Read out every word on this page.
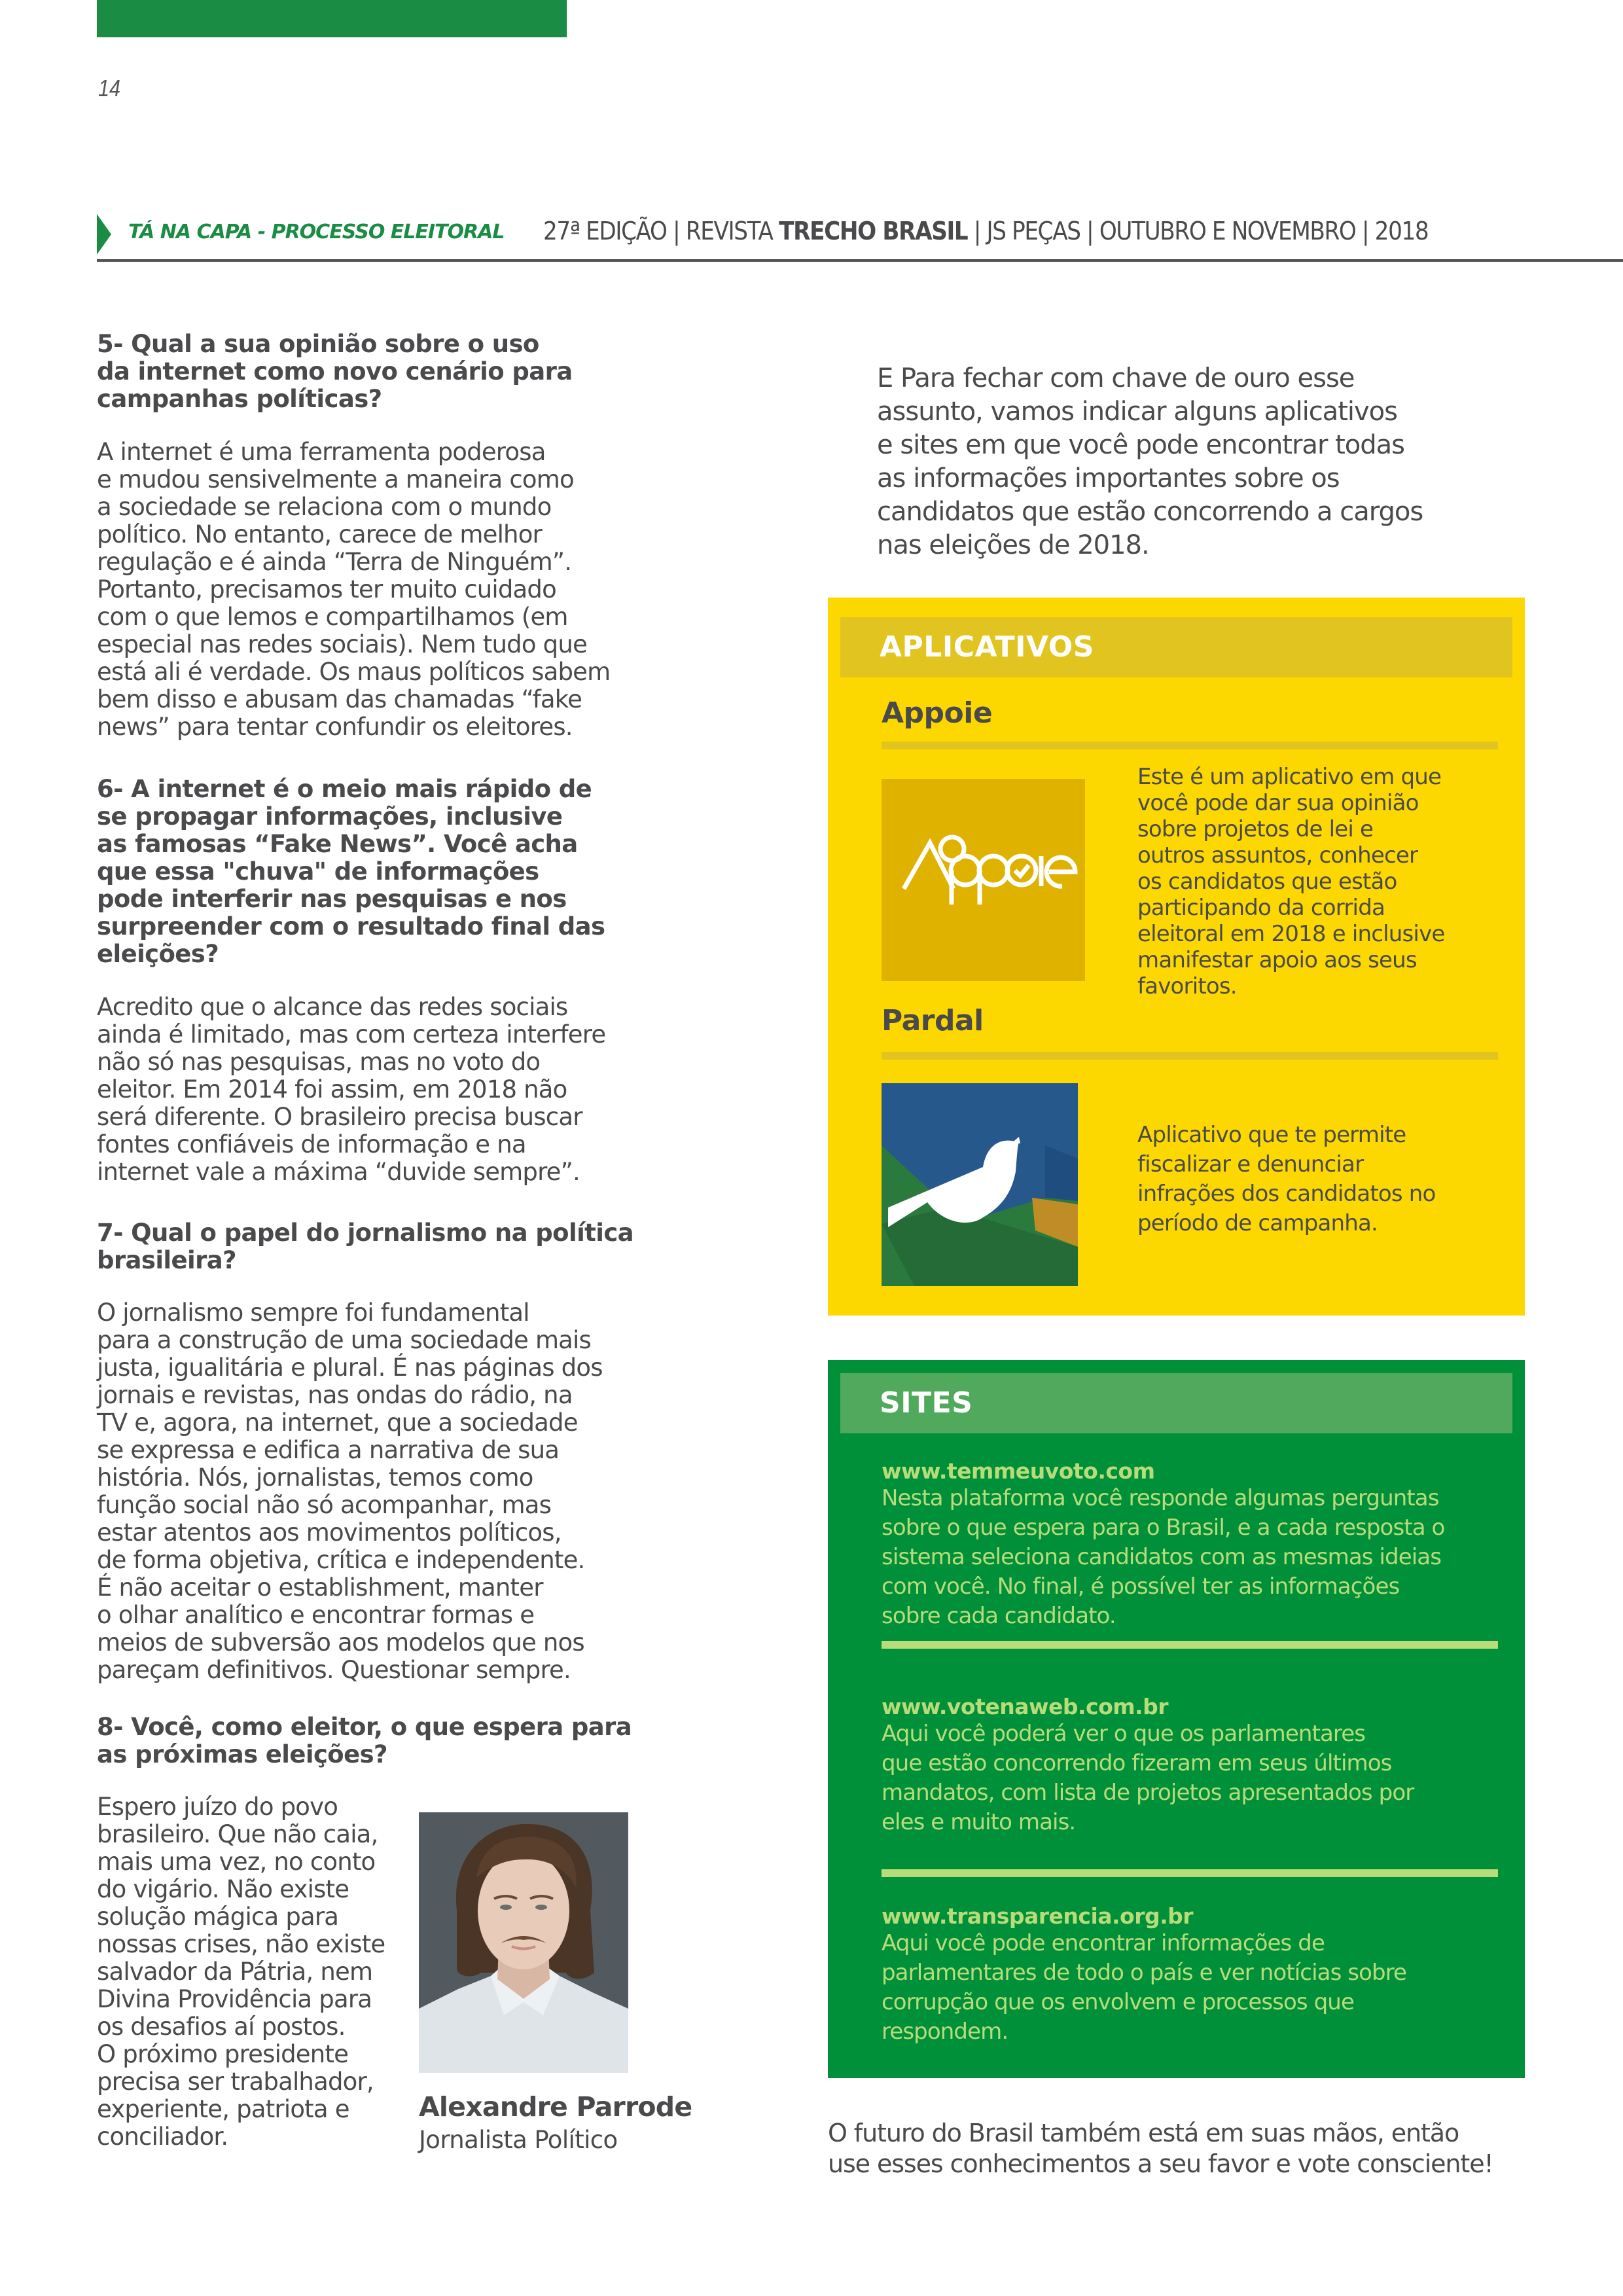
14
TÁ NA CAPA - PROCESSO ELEITORAL 27ª EDIÇÃO | REVISTA TRECHO BRASIL | JS PEÇAS | OUTUBRO E NOVEMBRO | 2018
5- Qual a sua opinião sobre o uso
da internet como novo cenário para
campanhas políticas?
A internet é uma ferramenta poderosa
e mudou sensivelmente a maneira como
a sociedade se relaciona com o mundo
político. No entanto, carece de melhor
regulação e é ainda “Terra de Ninguém”.
Portanto, precisamos ter muito cuidado
com o que lemos e compartilhamos (em
especial nas redes sociais). Nem tudo que
está ali é verdade. Os maus políticos sabem
bem disso e abusam das chamadas “fake
news” para tentar confundir os eleitores.
6- A internet é o meio mais rápido de
se propagar informações, inclusive
as famosas “Fake News”. Você acha
que essa "chuva" de informações
pode interferir nas pesquisas e nos
surpreender com o resultado final das
eleições?
Acredito que o alcance das redes sociais
ainda é limitado, mas com certeza interfere
não só nas pesquisas, mas no voto do
eleitor. Em 2014 foi assim, em 2018 não
será diferente. O brasileiro precisa buscar
fontes confiáveis de informação e na
internet vale a máxima “duvide sempre”.
7- Qual o papel do jornalismo na política
brasileira?
O jornalismo sempre foi fundamental
para a construção de uma sociedade mais
justa, igualitária e plural. É nas páginas dos
jornais e revistas, nas ondas do rádio, na
TV e, agora, na internet, que a sociedade
se expressa e edifica a narrativa de sua
história. Nós, jornalistas, temos como
função social não só acompanhar, mas
estar atentos aos movimentos políticos,
de forma objetiva, crítica e independente.
É não aceitar o establishment, manter
o olhar analítico e encontrar formas e
meios de subversão aos modelos que nos
pareçam definitivos. Questionar sempre.
8- Você, como eleitor, o que espera para
as próximas eleições?
Espero juízo do povo
brasileiro. Que não caia,
mais uma vez, no conto
do vigário. Não existe
solução mágica para
nossas crises, não existe
salvador da Pátria, nem
Divina Providência para
os desafios aí postos.
O próximo presidente
precisa ser trabalhador,
experiente, patriota e
conciliador.
Alexandre Parrode
Jornalista Político
E Para fechar com chave de ouro esse
assunto, vamos indicar alguns aplicativos
e sites em que você pode encontrar todas
as informações importantes sobre os
candidatos que estão concorrendo a cargos
nas eleições de 2018.
APLICATIVOS
Appoie
Este é um aplicativo em que
você pode dar sua opinião
sobre projetos de lei e
outros assuntos, conhecer
os candidatos que estão
participando da corrida
eleitoral em 2018 e inclusive
manifestar apoio aos seus
favoritos.
Pardal
Aplicativo que te permite
fiscalizar e denunciar
infrações dos candidatos no
período de campanha.
SITES
www.temmeuvoto.com
Nesta plataforma você responde algumas perguntas
sobre o que espera para o Brasil, e a cada resposta o
sistema seleciona candidatos com as mesmas ideias
com você. No final, é possível ter as informações
sobre cada candidato.
www.votenaweb.com.br
Aqui você poderá ver o que os parlamentares
que estão concorrendo fizeram em seus últimos
mandatos, com lista de projetos apresentados por
eles e muito mais.
www.transparencia.org.br
Aqui você pode encontrar informações de
parlamentares de todo o país e ver notícias sobre
corrupção que os envolvem e processos que
respondem.
O futuro do Brasil também está em suas mãos, então
use esses conhecimentos a seu favor e vote consciente!
